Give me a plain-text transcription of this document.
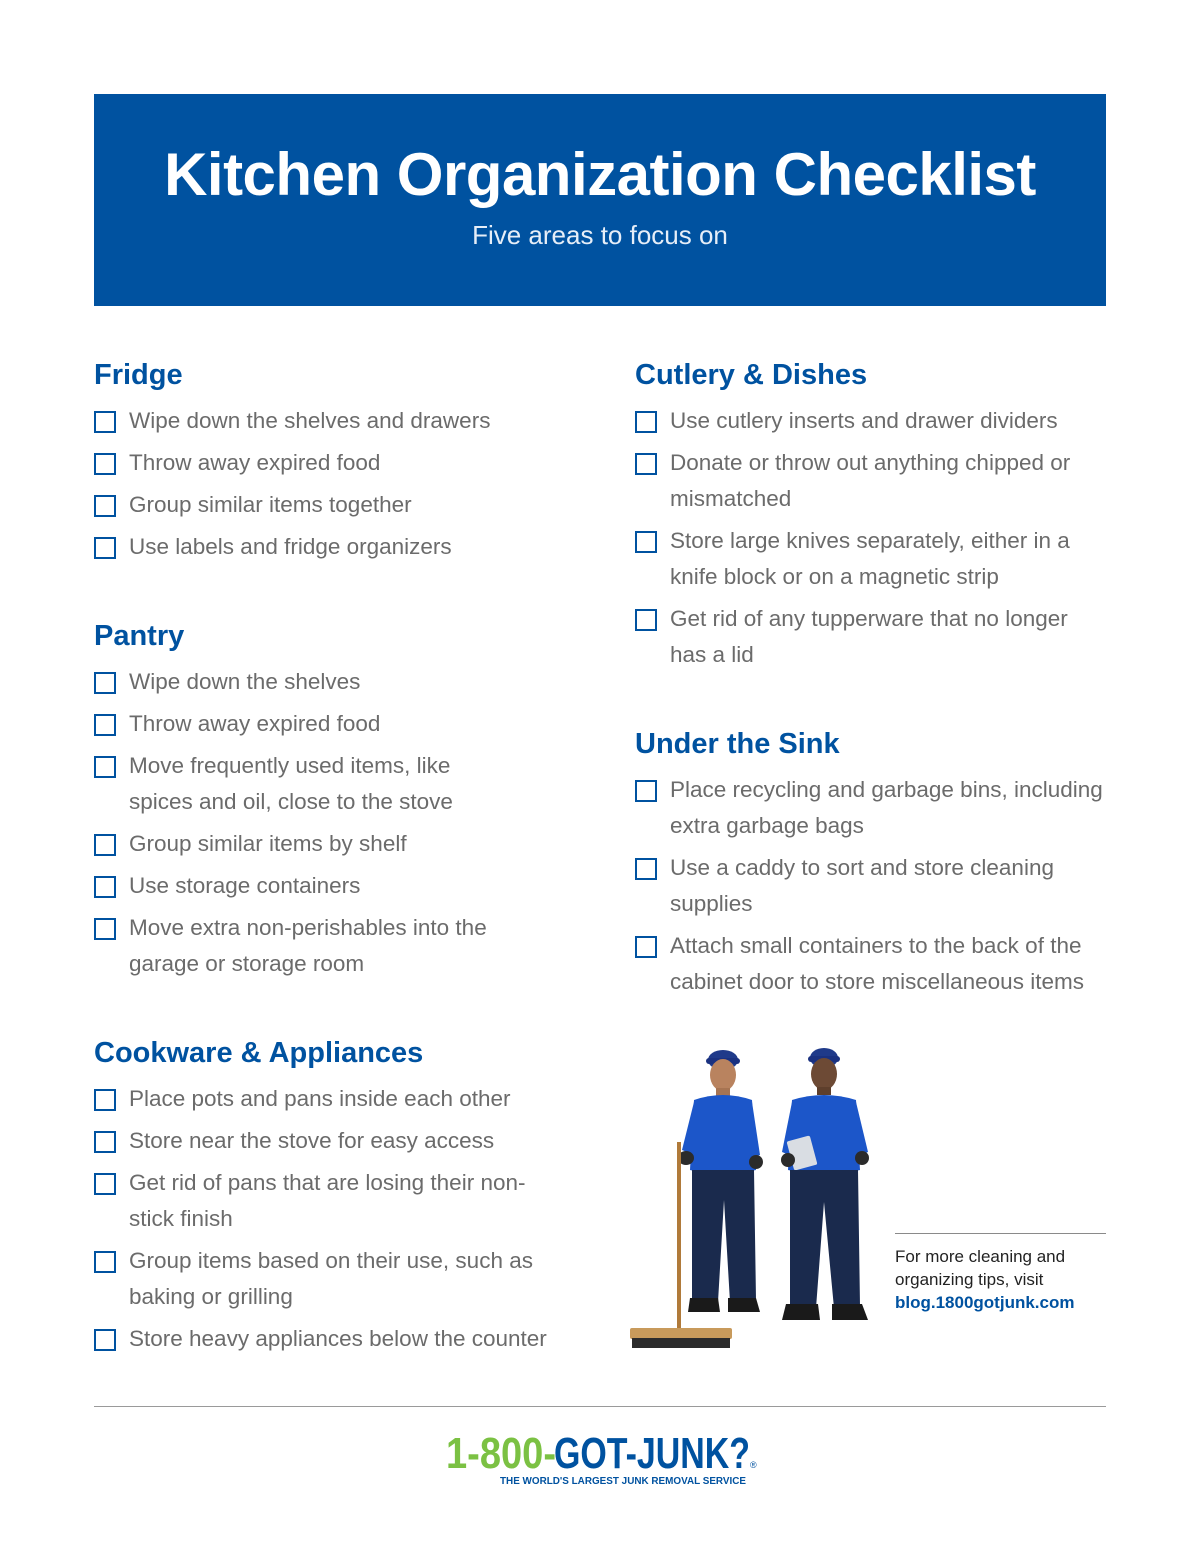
Kitchen Organization Checklist
Five areas to focus on
Fridge
Wipe down the shelves and drawers
Throw away expired food
Group similar items together
Use labels and fridge organizers
Pantry
Wipe down the shelves
Throw away expired food
Move frequently used items, like spices and oil, close to the stove
Group similar items by shelf
Use storage containers
Move extra non-perishables into the garage or storage room
Cookware & Appliances
Place pots and pans inside each other
Store near the stove for easy access
Get rid of pans that are losing their non-stick finish
Group items based on their use, such as baking or grilling
Store heavy appliances below the counter
Cutlery & Dishes
Use cutlery inserts and drawer dividers
Donate or throw out anything chipped or mismatched
Store large knives separately, either in a knife block or on a magnetic strip
Get rid of any tupperware that no longer has a lid
Under the Sink
Place recycling and garbage bins, including extra garbage bags
Use a caddy to sort and store cleaning supplies
Attach small containers to the back of the cabinet door to store miscellaneous items
For more cleaning and organizing tips, visit
blog.1800gotjunk.com
1-800-
GOT-JUNK? ®
THE WORLD'S LARGEST JUNK REMOVAL SERVICE
